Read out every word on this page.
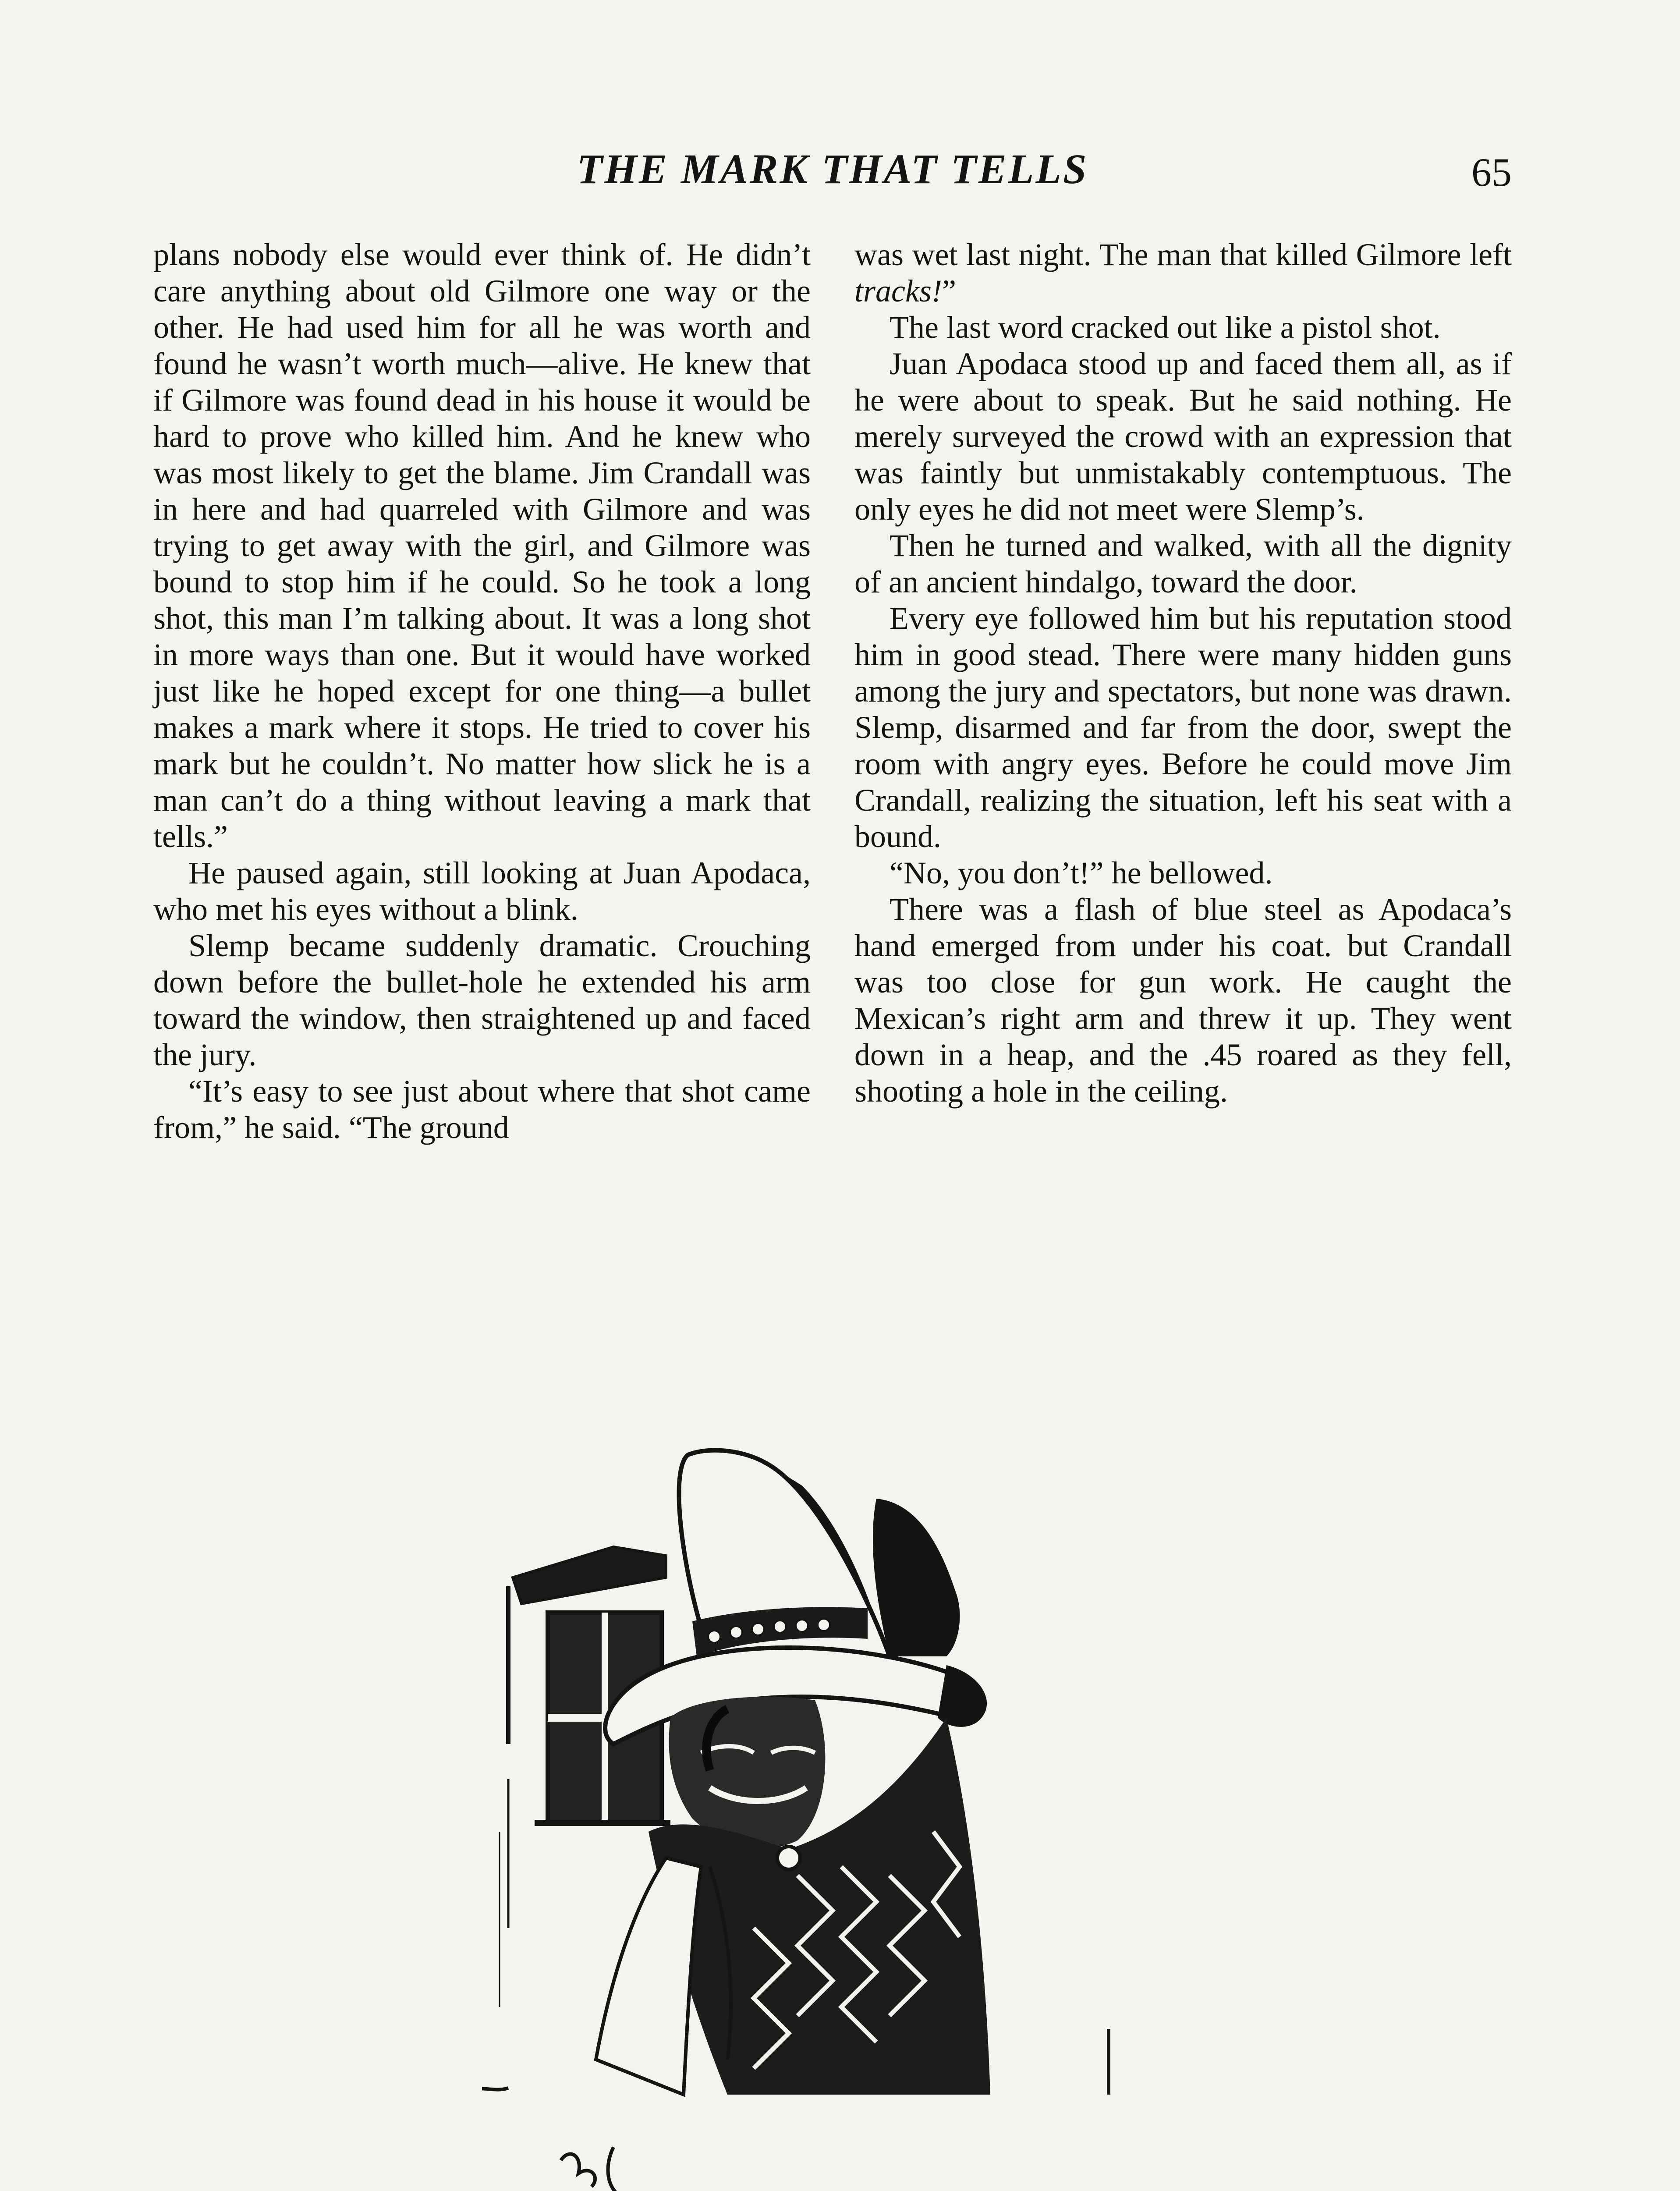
THE MARK THAT TELLS	65

plans nobody else would ever think of. He didn’t care anything about old Gilmore one way or the other. He had used him for all he was worth and found he wasn’t worth much—alive. He knew that if Gilmore was found dead in his house it would be hard to prove who killed him. And he knew who was most likely to get the blame. Jim Crandall was in here and had quarreled with Gilmore and was trying to get away with the girl, and Gilmore was bound to stop him if he could. So he took a long shot, this man I’m talking about. It was a long shot in more ways than one. But it would have worked just like he hoped except for one thing—a bullet makes a mark where it stops. He tried to cover his mark but he couldn’t. No matter how slick he is a man can’t do a thing without leaving a mark that tells.”

He paused again, still looking at Juan Apodaca, who met his eyes without a blink.

Slemp became suddenly dramatic. Crouching down before the bullet-hole he extended his arm toward the window, then straightened up and faced the jury.

“It’s easy to see just about where that shot came from,” he said. “The ground

was wet last night. The man that killed Gilmore left tracks!”

The last word cracked out like a pistol shot.

Juan Apodaca stood up and faced them all, as if he were about to speak. But he said nothing. He merely surveyed the crowd with an expression that was faintly but unmistakably contemptuous. The only eyes he did not meet were Slemp’s.

Then he turned and walked, with all the dignity of an ancient hindalgo, toward the door.

Every eye followed him but his reputation stood him in good stead. There were many hidden guns among the jury and spectators, but none was drawn. Slemp, disarmed and far from the door, swept the room with angry eyes. Before he could move Jim Crandall, realizing the situation, left his seat with a bound.

“No, you don’t!” he bellowed.

There was a flash of blue steel as Apodaca’s hand emerged from under his coat. but Crandall was too close for gun work. He caught the Mexican’s right arm and threw it up. They went down in a heap, and the .45 roared as they fell, shooting a hole in the ceiling.
